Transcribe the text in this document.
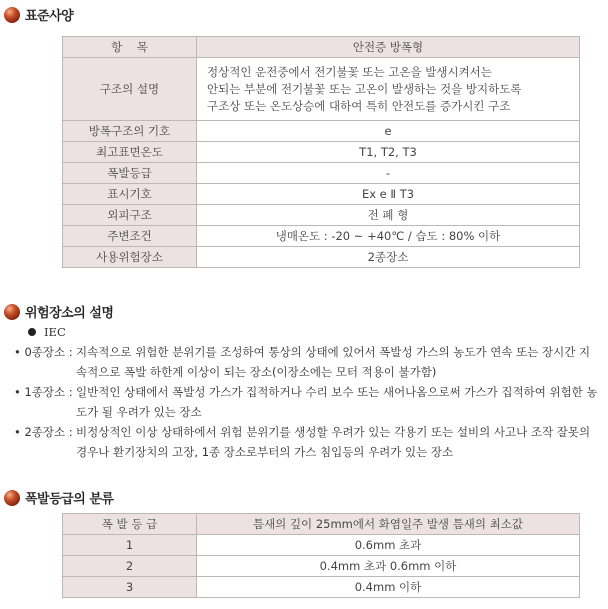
표준사양
항    목	안전증 방폭형
구조의 설명	정상적인 운전중에서 전기불꽃 또는 고온을 발생시켜서는
안되는 부분에 전기불꽃 또는 고온이 발생하는 것을 방지하도록
구조상 또는 온도상승에 대하여 특히 안전도를 증가시킨 구조
방폭구조의 기호	e
최고표면온도	T1, T2, T3
폭발등급	-
표시기호	Ex e Ⅱ T3
외피구조	전 폐 형
주변조건	냉매온도 : -20 ~ +40℃ / 습도 : 80% 이하
사용위험장소	2종장소
위험장소의 설명
IEC
• 0종장소 : 지속적으로 위험한 분위기를 조성하여 통상의 상태에 있어서 폭발성 가스의 농도가 연속 또는 장시간 지속적으로 폭발 하한계 이상이 되는 장소(이장소에는 모터 적용이 불가함)
• 1종장소 : 일반적인 상태에서 폭발성 가스가 집적하거나 수리 보수 또는 새어나옴으로써 가스가 집적하여 위험한 농도가 될 우려가 있는 장소
• 2종장소 : 비정상적인 이상 상태하에서 위험 분위기를 생성할 우려가 있는 각용기 또는 설비의 사고나 조작 잘못의 경우나 환기장치의 고장, 1종 장소로부터의 가스 침입등의 우려가 있는 장소
폭발등급의 분류
폭 발 등 급	틈새의 깊이 25mm에서 화염일주 발생 틈새의 최소값
1	0.6mm 초과
2	0.4mm 초과 0.6mm 이하
3	0.4mm 이하
